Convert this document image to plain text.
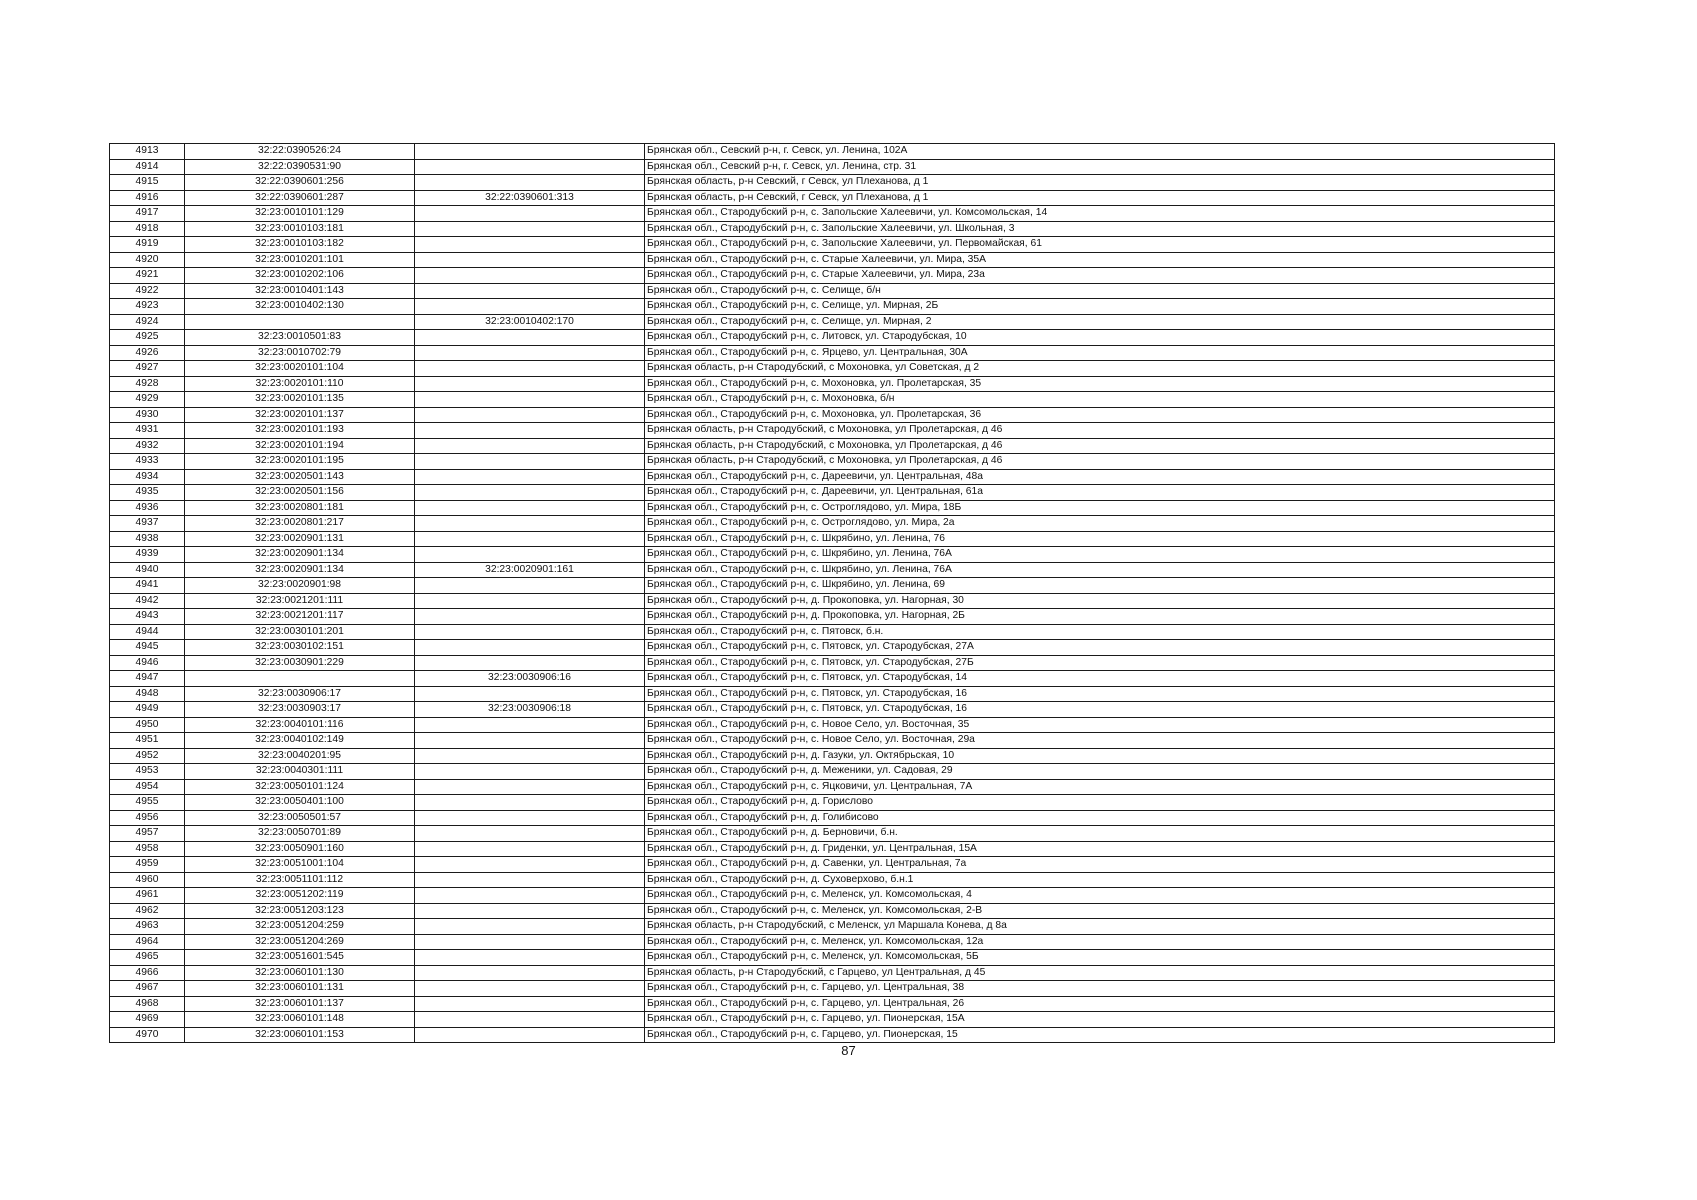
4913	32:22:0390526:24		Брянская обл., Севский р-н, г. Севск, ул. Ленина, 102А
4914	32:22:0390531:90		Брянская обл., Севский р-н, г. Севск, ул. Ленина, стр. 31
4915	32:22:0390601:256		Брянская область, р-н Севский, г Севск, ул Плеханова, д 1
4916	32:22:0390601:287	32:22:0390601:313	Брянская область, р-н Севский, г Севск, ул Плеханова, д 1
4917	32:23:0010101:129		Брянская обл., Стародубский р-н, с. Запольские Халеевичи, ул. Комсомольская, 14
4918	32:23:0010103:181		Брянская обл., Стародубский р-н, с. Запольские Халеевичи, ул. Школьная, 3
4919	32:23:0010103:182		Брянская обл., Стародубский р-н, с. Запольские Халеевичи, ул. Первомайская, 61
4920	32:23:0010201:101		Брянская обл., Стародубский р-н, с. Старые Халеевичи, ул. Мира, 35А
4921	32:23:0010202:106		Брянская обл., Стародубский р-н, с. Старые Халеевичи, ул. Мира, 23а
4922	32:23:0010401:143		Брянская обл., Стародубский р-н, с. Селище, б/н
4923	32:23:0010402:130		Брянская обл., Стародубский р-н, с. Селище, ул. Мирная, 2Б
4924		32:23:0010402:170	Брянская обл., Стародубский р-н, с. Селище, ул. Мирная, 2
4925	32:23:0010501:83		Брянская обл., Стародубский р-н, с. Литовск, ул. Стародубская, 10
4926	32:23:0010702:79		Брянская обл., Стародубский р-н, с. Ярцево, ул. Центральная, 30А
4927	32:23:0020101:104		Брянская область, р-н Стародубский, с Мохоновка, ул Советская, д 2
4928	32:23:0020101:110		Брянская обл., Стародубский р-н, с. Мохоновка, ул. Пролетарская, 35
4929	32:23:0020101:135		Брянская обл., Стародубский р-н, с. Мохоновка, б/н
4930	32:23:0020101:137		Брянская обл., Стародубский р-н, с. Мохоновка, ул. Пролетарская, 36
4931	32:23:0020101:193		Брянская область, р-н Стародубский, с Мохоновка, ул Пролетарская, д 46
4932	32:23:0020101:194		Брянская область, р-н Стародубский, с Мохоновка, ул Пролетарская, д 46
4933	32:23:0020101:195		Брянская область, р-н Стародубский, с Мохоновка, ул Пролетарская, д 46
4934	32:23:0020501:143		Брянская обл., Стародубский р-н, с. Дареевичи, ул. Центральная, 48а
4935	32:23:0020501:156		Брянская обл., Стародубский р-н, с. Дареевичи, ул. Центральная, 61а
4936	32:23:0020801:181		Брянская обл., Стародубский р-н, с. Остроглядово, ул. Мира, 18Б
4937	32:23:0020801:217		Брянская обл., Стародубский р-н, с. Остроглядово, ул. Мира, 2а
4938	32:23:0020901:131		Брянская обл., Стародубский р-н, с. Шкрябино, ул. Ленина, 76
4939	32:23:0020901:134		Брянская обл., Стародубский р-н, с. Шкрябино, ул. Ленина, 76А
4940	32:23:0020901:134	32:23:0020901:161	Брянская обл., Стародубский р-н, с. Шкрябино, ул. Ленина, 76А
4941	32:23:0020901:98		Брянская обл., Стародубский р-н, с. Шкрябино, ул. Ленина, 69
4942	32:23:0021201:111		Брянская обл., Стародубский р-н, д. Прокоповка, ул. Нагорная, 30
4943	32:23:0021201:117		Брянская обл., Стародубский р-н, д. Прокоповка, ул. Нагорная, 2Б
4944	32:23:0030101:201		Брянская обл., Стародубский р-н, с. Пятовск, б.н.
4945	32:23:0030102:151		Брянская обл., Стародубский р-н, с. Пятовск, ул. Стародубская, 27А
4946	32:23:0030901:229		Брянская обл., Стародубский р-н, с. Пятовск, ул. Стародубская, 27Б
4947		32:23:0030906:16	Брянская обл., Стародубский р-н, с. Пятовск, ул. Стародубская, 14
4948	32:23:0030906:17		Брянская обл., Стародубский р-н, с. Пятовск, ул. Стародубская, 16
4949	32:23:0030903:17	32:23:0030906:18	Брянская обл., Стародубский р-н, с. Пятовск, ул. Стародубская, 16
4950	32:23:0040101:116		Брянская обл., Стародубский р-н, с. Новое Село, ул. Восточная, 35
4951	32:23:0040102:149		Брянская обл., Стародубский р-н, с. Новое Село, ул. Восточная, 29а
4952	32:23:0040201:95		Брянская обл., Стародубский р-н, д. Газуки, ул. Октябрьская, 10
4953	32:23:0040301:111		Брянская обл., Стародубский р-н, д. Меженики, ул. Садовая, 29
4954	32:23:0050101:124		Брянская обл., Стародубский р-н, с. Яцковичи, ул. Центральная, 7А
4955	32:23:0050401:100		Брянская обл., Стародубский р-н, д. Горислово
4956	32:23:0050501:57		Брянская обл., Стародубский р-н, д. Голибисово
4957	32:23:0050701:89		Брянская обл., Стародубский р-н, д. Берновичи, б.н.
4958	32:23:0050901:160		Брянская обл., Стародубский р-н, д. Гриденки, ул. Центральная, 15А
4959	32:23:0051001:104		Брянская обл., Стародубский р-н, д. Савенки, ул. Центральная, 7а
4960	32:23:0051101:112		Брянская обл., Стародубский р-н, д. Суховерхово, б.н.1
4961	32:23:0051202:119		Брянская обл., Стародубский р-н, с. Меленск, ул. Комсомольская, 4
4962	32:23:0051203:123		Брянская обл., Стародубский р-н, с. Меленск, ул. Комсомольская, 2-В
4963	32:23:0051204:259		Брянская область, р-н Стародубский, с Меленск, ул Маршала Конева, д 8а
4964	32:23:0051204:269		Брянская обл., Стародубский р-н, с. Меленск, ул. Комсомольская, 12а
4965	32:23:0051601:545		Брянская обл., Стародубский р-н, с. Меленск, ул. Комсомольская, 5Б
4966	32:23:0060101:130		Брянская область, р-н Стародубский, с Гарцево, ул Центральная, д 45
4967	32:23:0060101:131		Брянская обл., Стародубский р-н, с. Гарцево, ул. Центральная, 38
4968	32:23:0060101:137		Брянская обл., Стародубский р-н, с. Гарцево, ул. Центральная, 26
4969	32:23:0060101:148		Брянская обл., Стародубский р-н, с. Гарцево, ул. Пионерская, 15А
4970	32:23:0060101:153		Брянская обл., Стародубский р-н, с. Гарцево, ул. Пионерская, 15
87
